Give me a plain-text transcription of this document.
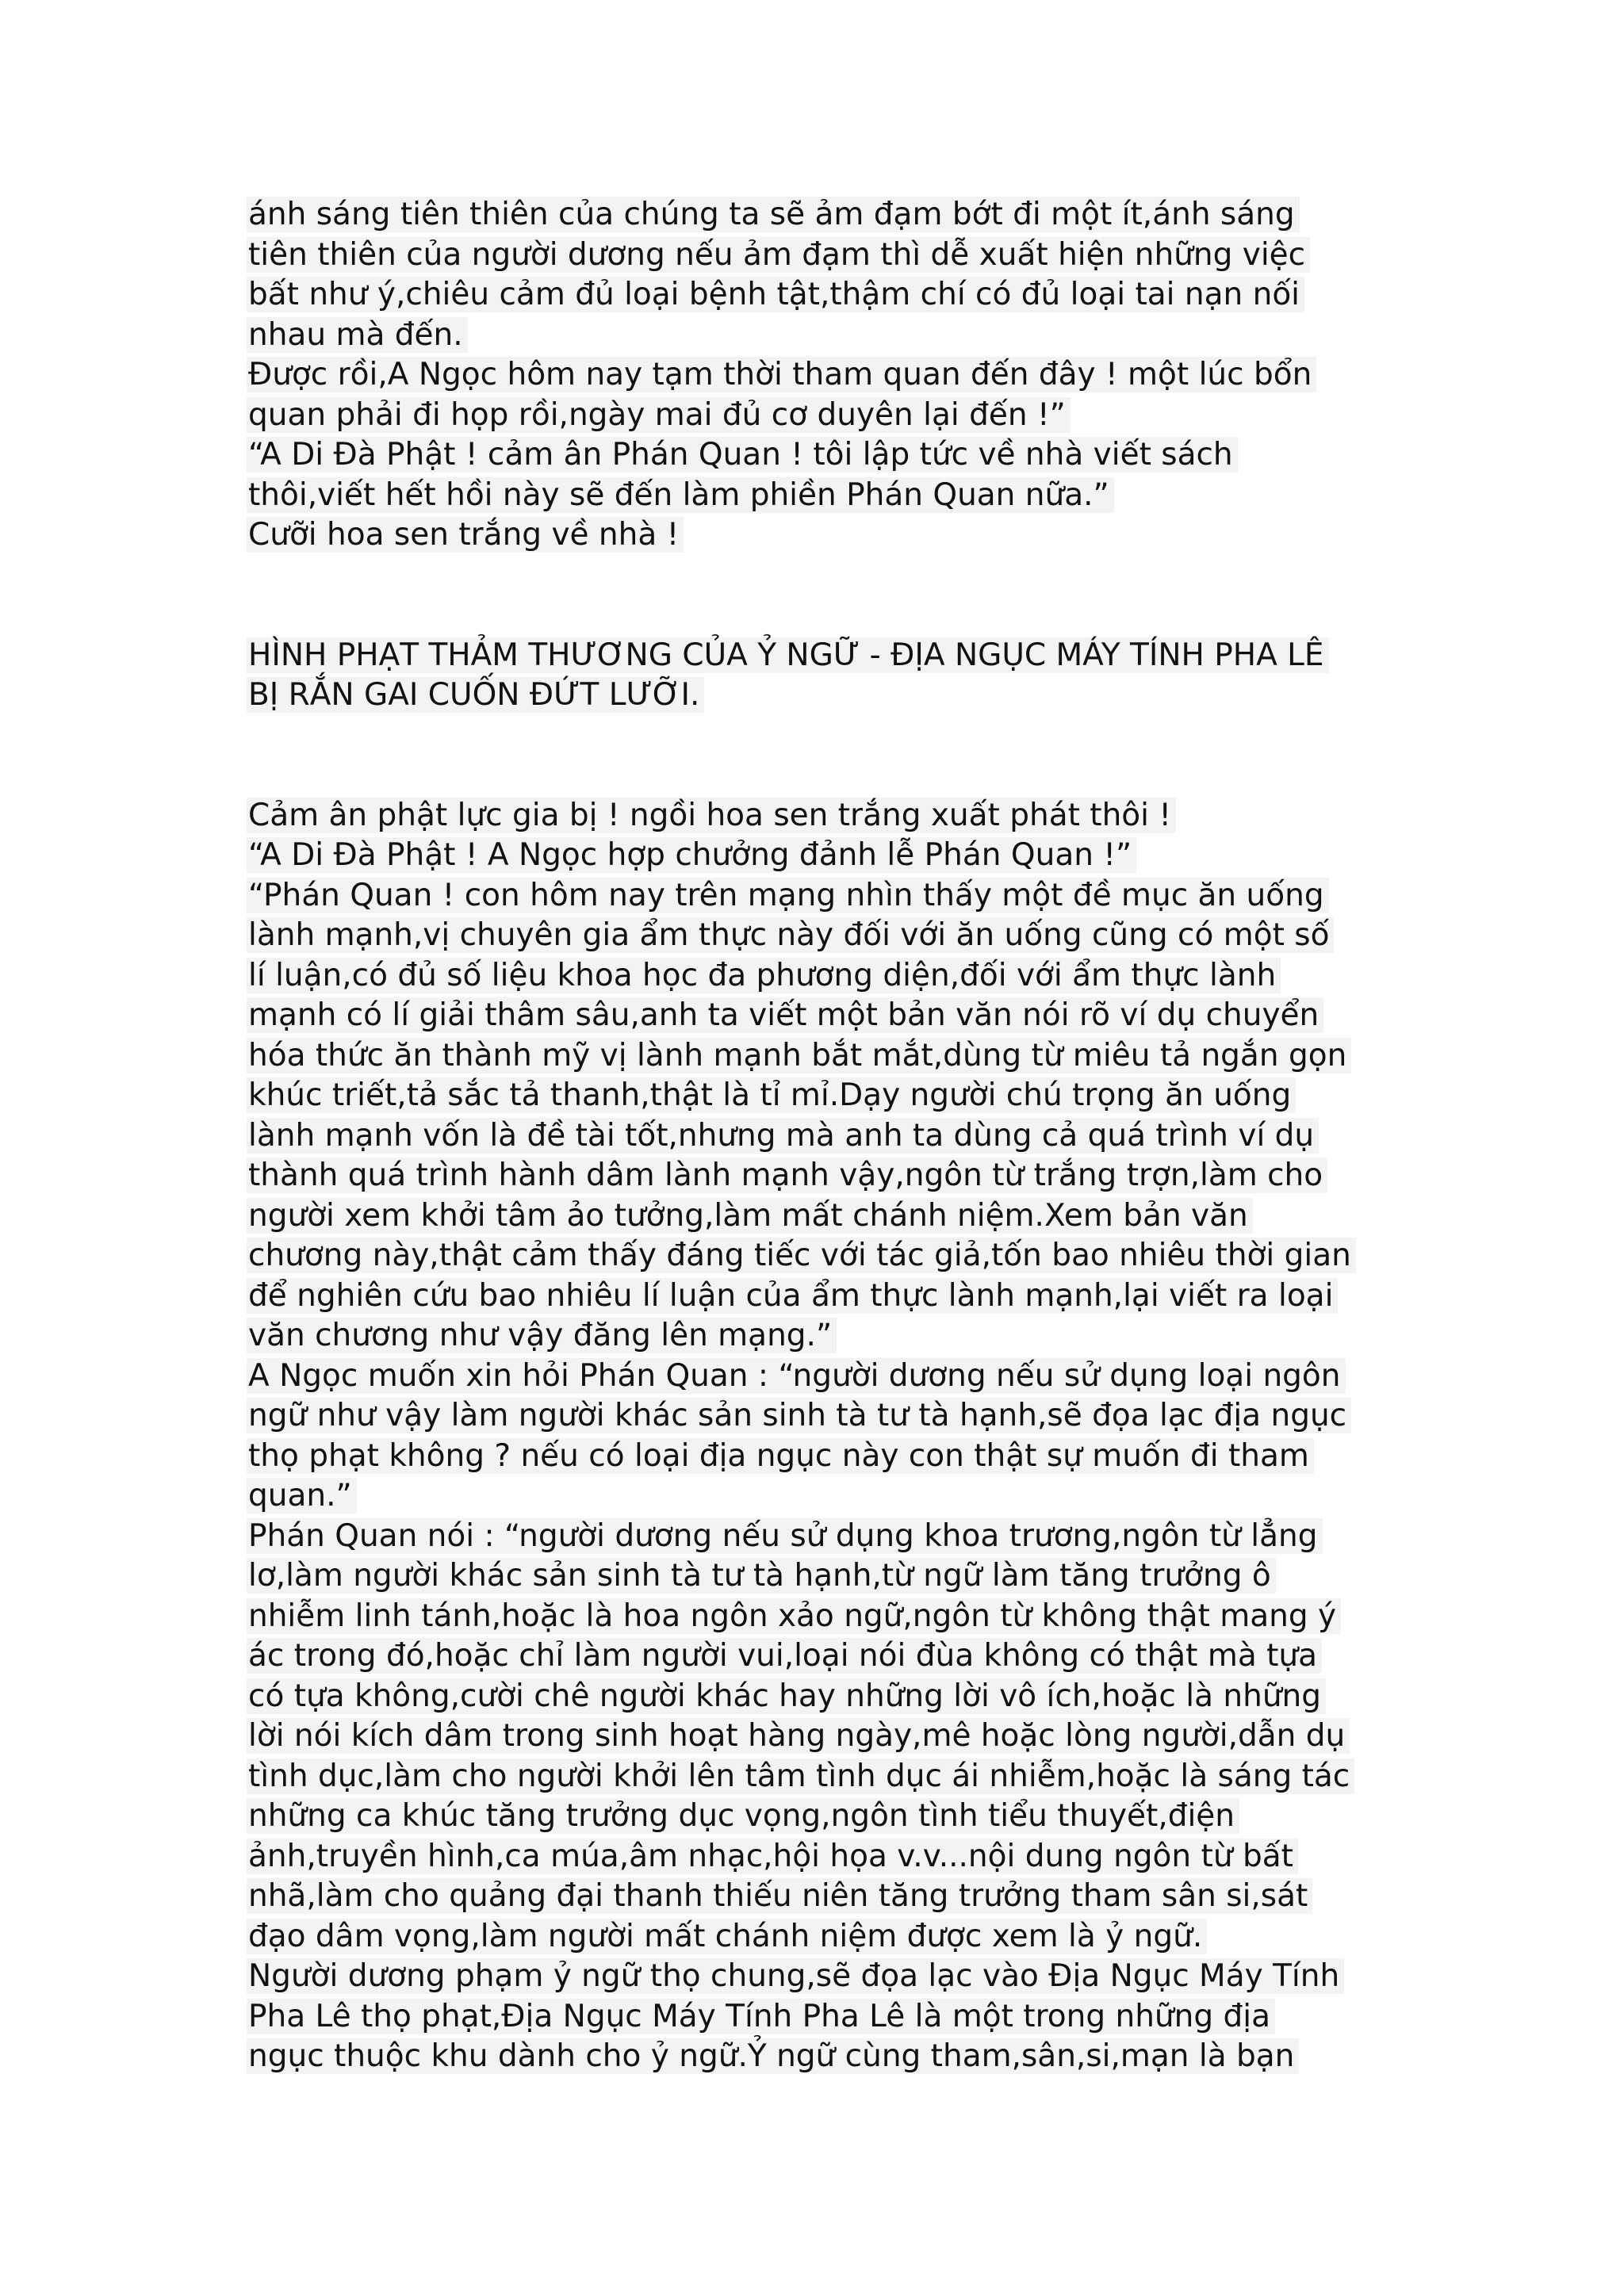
ánh sáng tiên thiên của chúng ta sẽ ảm đạm bớt đi một ít,ánh sáng
tiên thiên của người dương nếu ảm đạm thì dễ xuất hiện những việc
bất như ý,chiêu cảm đủ loại bệnh tật,thậm chí có đủ loại tai nạn nối
nhau mà đến.
Được rồi,A Ngọc hôm nay tạm thời tham quan đến đây ! một lúc bổn
quan phải đi họp rồi,ngày mai đủ cơ duyên lại đến !”
“A Di Đà Phật ! cảm ân Phán Quan ! tôi lập tức về nhà viết sách
thôi,viết hết hồi này sẽ đến làm phiền Phán Quan nữa.”
Cưỡi hoa sen trắng về nhà !
HÌNH PHẠT THẢM THƯƠNG CỦA Ỷ NGỮ - ĐỊA NGỤC MÁY TÍNH PHA LÊ
BỊ RẮN GAI CUỐN ĐỨT LƯỠI.
Cảm ân phật lực gia bị ! ngồi hoa sen trắng xuất phát thôi !
“A Di Đà Phật ! A Ngọc hợp chưởng đảnh lễ Phán Quan !”
“Phán Quan ! con hôm nay trên mạng nhìn thấy một đề mục ăn uống
lành mạnh,vị chuyên gia ẩm thực này đối với ăn uống cũng có một số
lí luận,có đủ số liệu khoa học đa phương diện,đối với ẩm thực lành
mạnh có lí giải thâm sâu,anh ta viết một bản văn nói rõ ví dụ chuyển
hóa thức ăn thành mỹ vị lành mạnh bắt mắt,dùng từ miêu tả ngắn gọn
khúc triết,tả sắc tả thanh,thật là tỉ mỉ.Dạy người chú trọng ăn uống
lành mạnh vốn là đề tài tốt,nhưng mà anh ta dùng cả quá trình ví dụ
thành quá trình hành dâm lành mạnh vậy,ngôn từ trắng trợn,làm cho
người xem khởi tâm ảo tưởng,làm mất chánh niệm.Xem bản văn
chương này,thật cảm thấy đáng tiếc với tác giả,tốn bao nhiêu thời gian
để nghiên cứu bao nhiêu lí luận của ẩm thực lành mạnh,lại viết ra loại
văn chương như vậy đăng lên mạng.”
A Ngọc muốn xin hỏi Phán Quan : “người dương nếu sử dụng loại ngôn
ngữ như vậy làm người khác sản sinh tà tư tà hạnh,sẽ đọa lạc địa ngục
thọ phạt không ? nếu có loại địa ngục này con thật sự muốn đi tham
quan.”
Phán Quan nói : “người dương nếu sử dụng khoa trương,ngôn từ lẳng
lơ,làm người khác sản sinh tà tư tà hạnh,từ ngữ làm tăng trưởng ô
nhiễm linh tánh,hoặc là hoa ngôn xảo ngữ,ngôn từ không thật mang ý
ác trong đó,hoặc chỉ làm người vui,loại nói đùa không có thật mà tựa
có tựa không,cười chê người khác hay những lời vô ích,hoặc là những
lời nói kích dâm trong sinh hoạt hàng ngày,mê hoặc lòng người,dẫn dụ
tình dục,làm cho người khởi lên tâm tình dục ái nhiễm,hoặc là sáng tác
những ca khúc tăng trưởng dục vọng,ngôn tình tiểu thuyết,điện
ảnh,truyền hình,ca múa,âm nhạc,hội họa v.v...nội dung ngôn từ bất
nhã,làm cho quảng đại thanh thiếu niên tăng trưởng tham sân si,sát
đạo dâm vọng,làm người mất chánh niệm được xem là ỷ ngữ.
Người dương phạm ỷ ngữ thọ chung,sẽ đọa lạc vào Địa Ngục Máy Tính
Pha Lê thọ phạt,Địa Ngục Máy Tính Pha Lê là một trong những địa
ngục thuộc khu dành cho ỷ ngữ.Ỷ ngữ cùng tham,sân,si,mạn là bạn
